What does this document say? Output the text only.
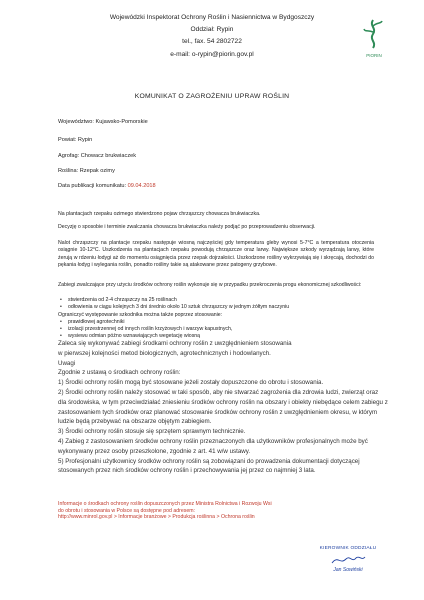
Wojewódzki Inspektorat Ochrony Roślin i Nasiennictwa w Bydgoszczy
Oddział: Rypin
tel., fax. 54 2802722
e-mail: o-rypin@piorin.gov.pl	PIORIN
KOMUNIKAT O ZAGROŻENIU UPRAW ROŚLIN
Województwo: Kujawsko-Pomorskie
Powiat: Rypin
Agrofag: Chowacz brukwiaczek
Roślina: Rzepak ozimy
Data publikacji komunikatu: 09.04.2018
Na plantacjach rzepaku ozimego stwierdzono pojaw chrząszczy chowacza brukwiaczka.
Decyzję o sposobie i terminie zwalczania chowacza brukwiaczka należy podjąć po przeprowadzeniu obserwacji.
Nalot chrząszczy na plantacje rzepaku następuje wiosną najczęściej gdy temperatura gleby wynosi 5-7°C a temperatura otoczenia osiągnie 10-12°C. Uszkodzenia na plantacjach rzepaku powodują chrząszcze oraz larwy. Największe szkody wyrządzają larwy, które żerują w rdzeniu łodygi aż do momentu osiągnięcia przez rzepak dojrzałości. Uszkodzone rośliny wykrzywiają się i skręcają, dochodzi do pękania łodyg i wylegania roślin, ponadto rośliny takie są atakowane przez patogeny grzybowe.
Zabiegi zwalczające przy użyciu środków ochrony roślin wykonuje się w przypadku przekroczenia progu ekonomicznej szkodliwości:
• stwierdzenia od 2-4 chrząszczy na 25 roślinach
• odłowienia w ciągu kolejnych 3 dni średnio około 10 sztuk chrząszczy w jednym żółtym naczyniu
Ograniczyć występowanie szkodnika można także poprzez stosowanie:
• prawidłowej agrotechniki
• izolacji przestrzennej od innych roślin krzyżowych i warzyw kapustnych,
• wysiewu odmian późno wznawiających wegetację wiosną
Zaleca się wykonywać zabiegi środkami ochrony roślin z uwzględnieniem stosowania
w pierwszej kolejności metod biologicznych, agrotechnicznych i hodowlanych.
Uwagi
Zgodnie z ustawą o środkach ochrony roślin:
1) Środki ochrony roślin mogą być stosowane jeżeli zostały dopuszczone do obrotu i stosowania.
2) Środki ochrony roślin należy stosować w taki sposób, aby nie stwarzać zagrożenia dla zdrowia ludzi, zwierząt oraz dla środowiska, w tym przeciwdziałać zniesieniu środków ochrony roślin na obszary i obiekty niebędące celem zabiegu z zastosowaniem tych środków oraz planować stosowanie środków ochrony roślin z uwzględnieniem okresu, w którym ludzie będą przebywać na obszarze objętym zabiegiem.
3) Środki ochrony roślin stosuje się sprzętem sprawnym technicznie.
4) Zabieg z zastosowaniem środków ochrony roślin przeznaczonych dla użytkowników profesjonalnych może być wykonywany przez osoby przeszkolone, zgodnie z art. 41 w/w ustawy.
5) Profesjonalni użytkownicy środków ochrony roślin są zobowiązani do prowadzenia dokumentacji dotyczącej stosowanych przez nich środków ochrony roślin i przechowywania jej przez co najmniej 3 lata.
Informacje o środkach ochrony roślin dopuszczonych przez Ministra Rolnictwa i Rozwoju Wsi
do obrotu i stosowania w Polsce są dostępne pod adresem:
http://www.minrol.gov.pl > Informacje branżowe > Produkcja roślinna > Ochrona roślin
KIEROWNIK ODDZIAŁU
Jan Sowiński
